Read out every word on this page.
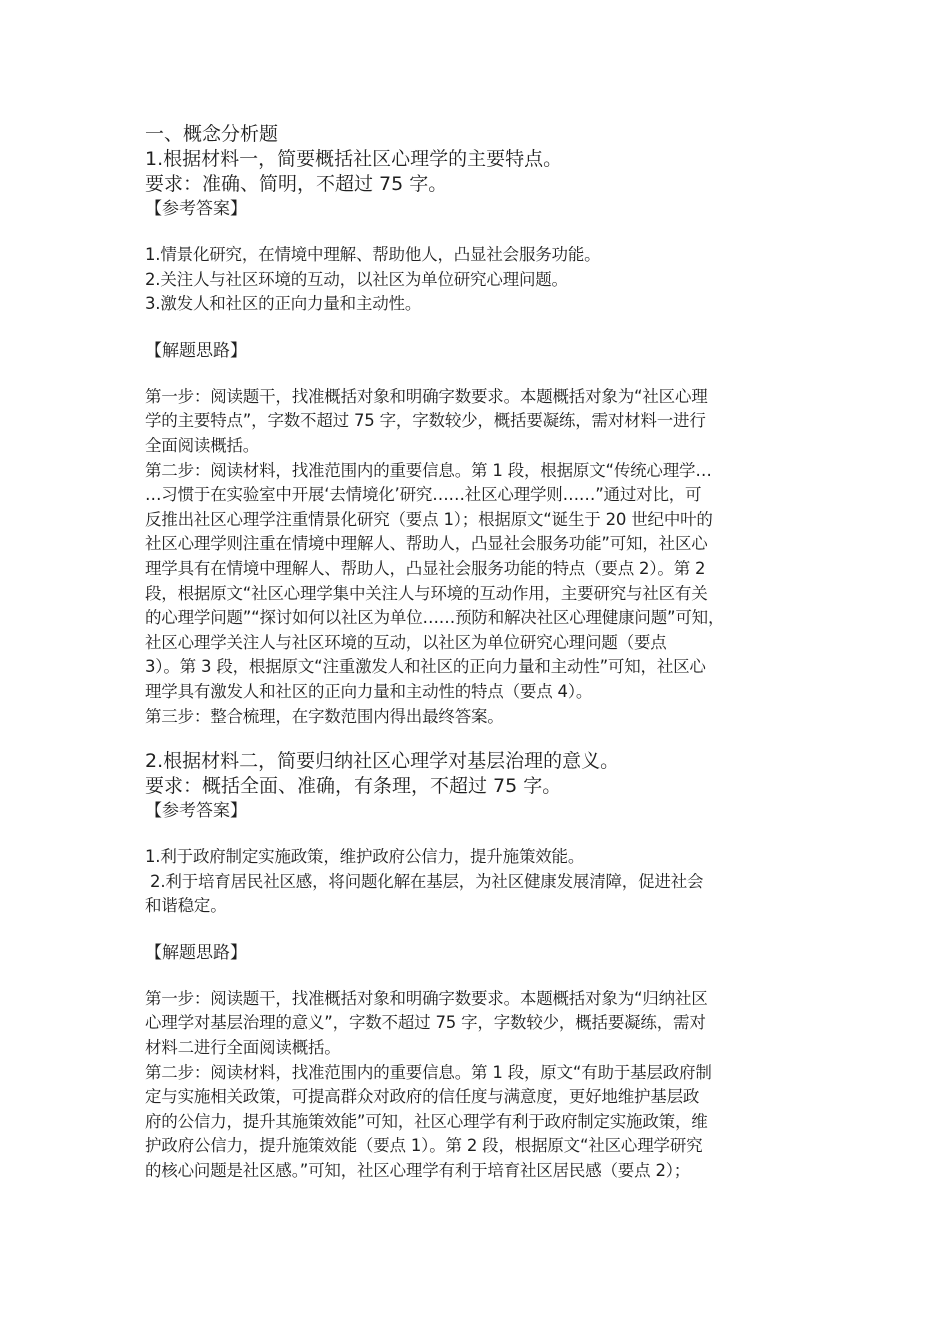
一、概念分析题
1.根据材料一，简要概括社区心理学的主要特点。
要求：准确、简明，不超过 75 字。
【参考答案】
1.情景化研究，在情境中理解、帮助他人，凸显社会服务功能。
2.关注人与社区环境的互动，以社区为单位研究心理问题。
3.激发人和社区的正向力量和主动性。
【解题思路】
第一步：阅读题干，找准概括对象和明确字数要求。本题概括对象为“社区心理
学的主要特点”，字数不超过 75 字，字数较少，概括要凝练，需对材料一进行
全面阅读概括。
第二步：阅读材料，找准范围内的重要信息。第 1 段，根据原文“传统心理学…
…习惯于在实验室中开展‘去情境化’研究……社区心理学则……”通过对比，可
反推出社区心理学注重情景化研究（要点 1）；根据原文“诞生于 20 世纪中叶的
社区心理学则注重在情境中理解人、帮助人，凸显社会服务功能”可知，社区心
理学具有在情境中理解人、帮助人，凸显社会服务功能的特点（要点 2）。第 2
段，根据原文“社区心理学集中关注人与环境的互动作用，主要研究与社区有关
的心理学问题”“探讨如何以社区为单位……预防和解决社区心理健康问题”可知，
社区心理学关注人与社区环境的互动，以社区为单位研究心理问题（要点
3）。第 3 段，根据原文“注重激发人和社区的正向力量和主动性”可知，社区心
理学具有激发人和社区的正向力量和主动性的特点（要点 4）。
第三步：整合梳理，在字数范围内得出最终答案。
2.根据材料二，简要归纳社区心理学对基层治理的意义。
要求：概括全面、准确，有条理，不超过 75 字。
【参考答案】
1.利于政府制定实施政策，维护政府公信力，提升施策效能。
2.利于培育居民社区感，将问题化解在基层，为社区健康发展清障，促进社会
和谐稳定。
【解题思路】
第一步：阅读题干，找准概括对象和明确字数要求。本题概括对象为“归纳社区
心理学对基层治理的意义”，字数不超过 75 字，字数较少，概括要凝练，需对
材料二进行全面阅读概括。
第二步：阅读材料，找准范围内的重要信息。第 1 段，原文“有助于基层政府制
定与实施相关政策，可提高群众对政府的信任度与满意度，更好地维护基层政
府的公信力，提升其施策效能”可知，社区心理学有利于政府制定实施政策，维
护政府公信力，提升施策效能（要点 1）。第 2 段，根据原文“社区心理学研究
的核心问题是社区感。”可知，社区心理学有利于培育社区居民感（要点 2）；
